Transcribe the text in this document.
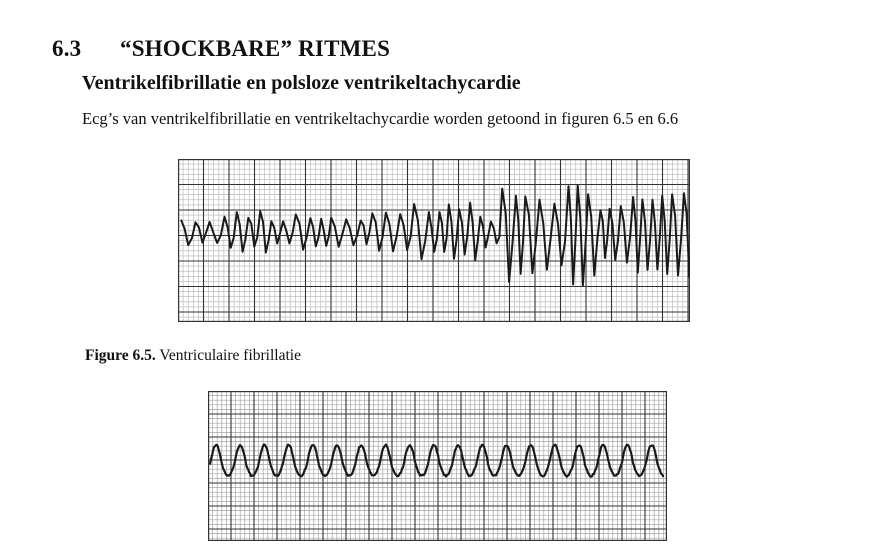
6.3 “SHOCKBARE” RITMES
Ventrikelfibrillatie en polsloze ventrikeltachycardie
Ecg’s van ventrikelfibrillatie en ventrikeltachycardie worden getoond in figuren 6.5 en 6.6
Figure 6.5. Ventriculaire fibrillatie
